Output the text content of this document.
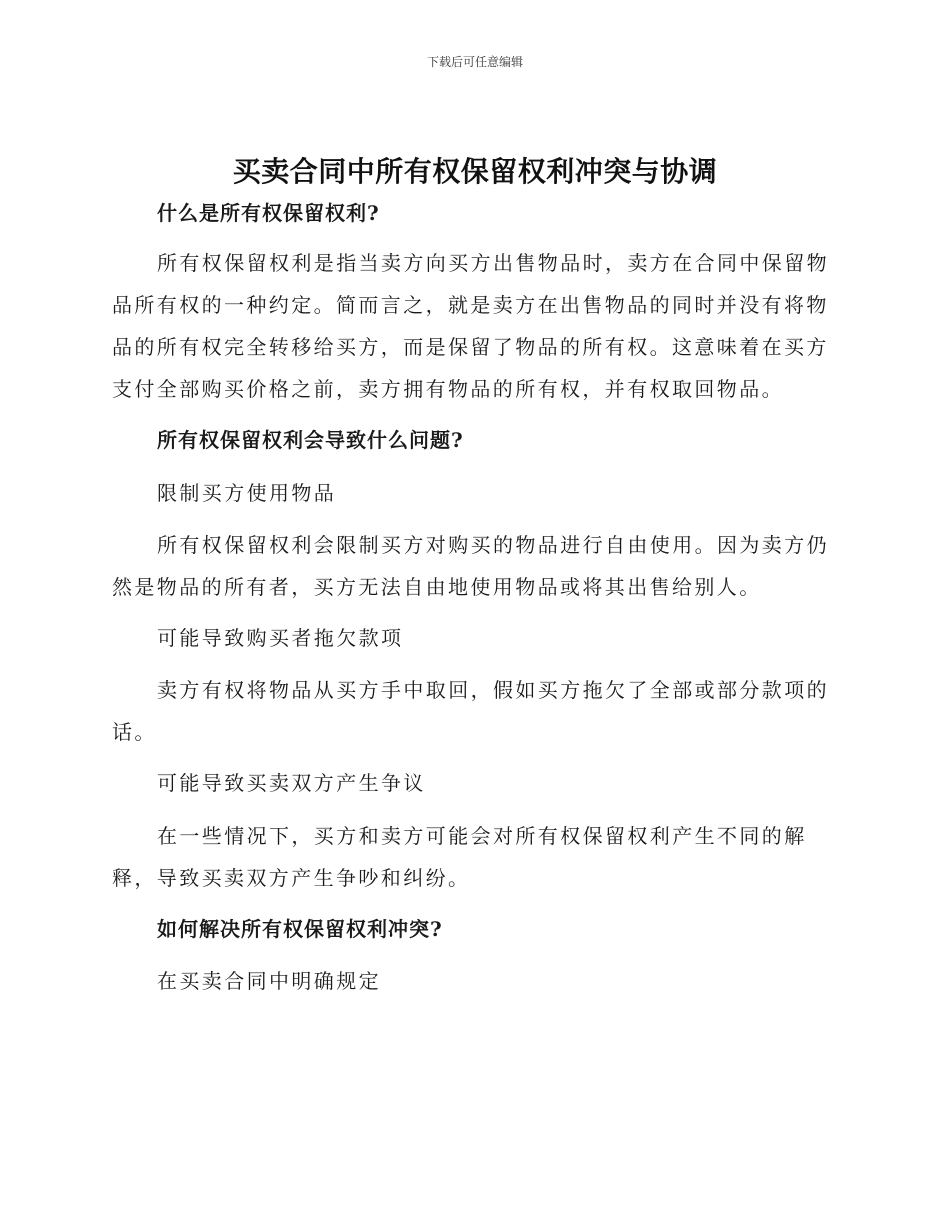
下载后可任意编辑
买卖合同中所有权保留权利冲突与协调

什么是所有权保留权利?

所有权保留权利是指当卖方向买方出售物品时，卖方在合同中保留物品所有权的一种约定。简而言之，就是卖方在出售物品的同时并没有将物品的所有权完全转移给买方，而是保留了物品的所有权。这意味着在买方支付全部购买价格之前，卖方拥有物品的所有权，并有权取回物品。

所有权保留权利会导致什么问题?

限制买方使用物品

所有权保留权利会限制买方对购买的物品进行自由使用。因为卖方仍然是物品的所有者，买方无法自由地使用物品或将其出售给别人。

可能导致购买者拖欠款项

卖方有权将物品从买方手中取回，假如买方拖欠了全部或部分款项的话。

可能导致买卖双方产生争议

在一些情况下，买方和卖方可能会对所有权保留权利产生不同的解释，导致买卖双方产生争吵和纠纷。

如何解决所有权保留权利冲突?

在买卖合同中明确规定
